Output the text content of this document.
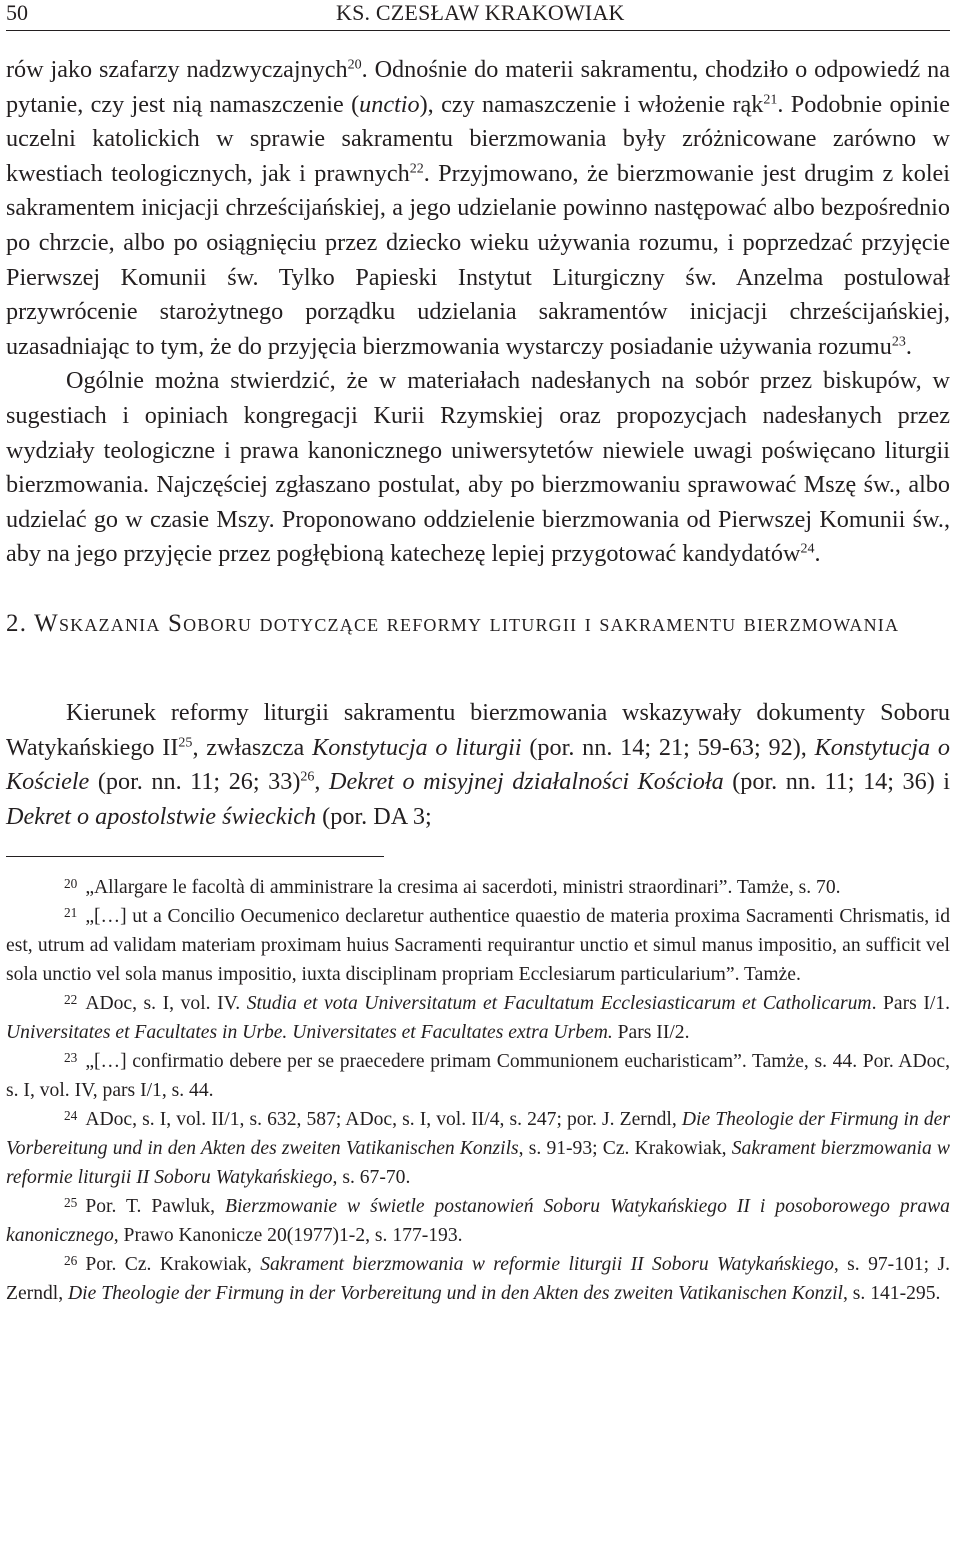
50	KS. CZESŁAW KRAKOWIAK

rów jako szafarzy nadzwyczajnych$^{20}$. Odnośnie do materii sakramentu, chodziło o odpowiedź na pytanie, czy jest nią namaszczenie (unctio), czy namaszczenie i włożenie rąk$^{21}$. Podobnie opinie uczelni katolickich w sprawie sakramentu bierzmowania były zróżnicowane zarówno w kwestiach teologicznych, jak i prawnych$^{22}$. Przyjmowano, że bierzmowanie jest drugim z kolei sakramentem inicjacji chrześcijańskiej, a jego udzielanie powinno następować albo bezpośrednio po chrzcie, albo po osiągnięciu przez dziecko wieku używania rozumu, i poprzedzać przyjęcie Pierwszej Komunii św. Tylko Papieski Instytut Liturgiczny św. Anzelma postulował przywrócenie starożytnego porządku udzielania sakramentów inicjacji chrześcijańskiej, uzasadniając to tym, że do przyjęcia bierzmowania wystarczy posiadanie używania rozumu$^{23}$.

Ogólnie można stwierdzić, że w materiałach nadesłanych na sobór przez biskupów, w sugestiach i opiniach kongregacji Kurii Rzymskiej oraz propozycjach nadesłanych przez wydziały teologiczne i prawa kanonicznego uniwersytetów niewiele uwagi poświęcano liturgii bierzmowania. Najczęściej zgłaszano postulat, aby po bierzmowaniu sprawować Mszę św., albo udzielać go w czasie Mszy. Proponowano oddzielenie bierzmowania od Pierwszej Komunii św., aby na jego przyjęcie przez pogłębioną katechezę lepiej przygotować kandydatów$^{24}$.

2. Wskazania Soboru dotyczące reformy liturgii i sakramentu bierzmowania

Kierunek reformy liturgii sakramentu bierzmowania wskazywały dokumenty Soboru Watykańskiego II$^{25}$, zwłaszcza Konstytucja o liturgii (por. nn. 14; 21; 59-63; 92), Konstytucja o Kościele (por. nn. 11; 26; 33)$^{26}$, Dekret o misyjnej działalności Kościoła (por. nn. 11; 14; 36) i Dekret o apostolstwie świeckich (por. DA 3;

$^{20}$ „Allargare le facoltà di amministrare la cresima ai sacerdoti, ministri straordinari”. Tamże, s. 70.

$^{21}$ „[…] ut a Concilio Oecumenico declaretur authentice quaestio de materia proxima Sacramenti Chrismatis, id est, utrum ad validam materiam proximam huius Sacramenti requirantur unctio et simul manus impositio, an sufficit vel sola unctio vel sola manus impositio, iuxta disciplinam propriam Ecclesiarum particularium”. Tamże.

$^{22}$ ADoc, s. I, vol. IV. Studia et vota Universitatum et Facultatum Ecclesiasticarum et Catholicarum. Pars I/1. Universitates et Facultates in Urbe. Universitates et Facultates extra Urbem. Pars II/2.

$^{23}$ „[…] confirmatio debere per se praecedere primam Communionem eucharisticam”. Tamże, s. 44. Por. ADoc, s. I, vol. IV, pars I/1, s. 44.

$^{24}$ ADoc, s. I, vol. II/1, s. 632, 587; ADoc, s. I, vol. II/4, s. 247; por. J. Zerndl, Die Theologie der Firmung in der Vorbereitung und in den Akten des zweiten Vatikanischen Konzils, s. 91-93; Cz. Krakowiak, Sakrament bierzmowania w reformie liturgii II Soboru Watykańskiego, s. 67-70.

$^{25}$ Por. T. Pawluk, Bierzmowanie w świetle postanowień Soboru Watykańskiego II i posoborowego prawa kanonicznego, Prawo Kanonicze 20(1977)1-2, s. 177-193.

$^{26}$ Por. Cz. Krakowiak, Sakrament bierzmowania w reformie liturgii II Soboru Watykańskiego, s. 97-101; J. Zerndl, Die Theologie der Firmung in der Vorbereitung und in den Akten des zweiten Vatikanischen Konzil, s. 141-295.
